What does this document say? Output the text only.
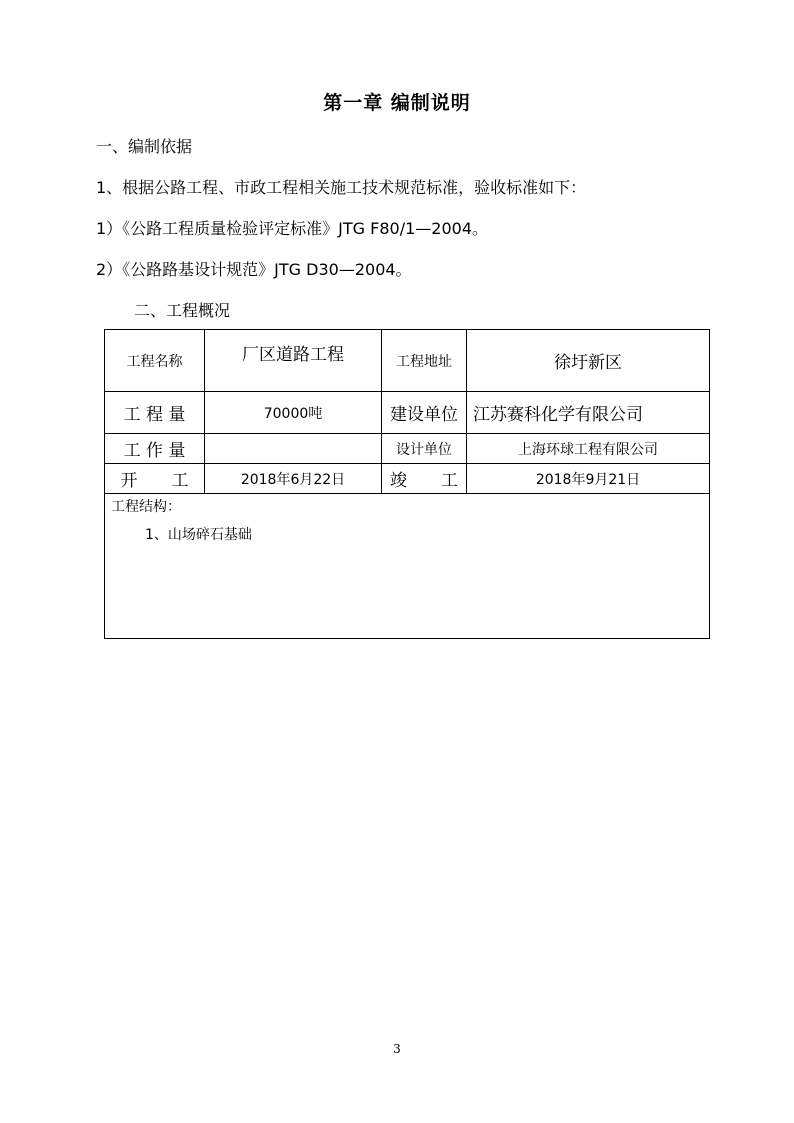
第一章 编制说明
一、编制依据
1、根据公路工程、市政工程相关施工技术规范标准，验收标准如下：
1）《公路工程质量检验评定标准》JTG F80/1—2004。
2）《公路路基设计规范》JTG D30—2004。
二、工程概况
工程名称	厂区道路工程	工程地址	徐圩新区
工 程 量	70000吨	建设单位	江苏赛科化学有限公司
工 作 量		设计单位	上海环球工程有限公司
开　　工	2018年6月22日	竣　　工	2018年9月21日

工程结构：
1、山场碎石基础			
3
